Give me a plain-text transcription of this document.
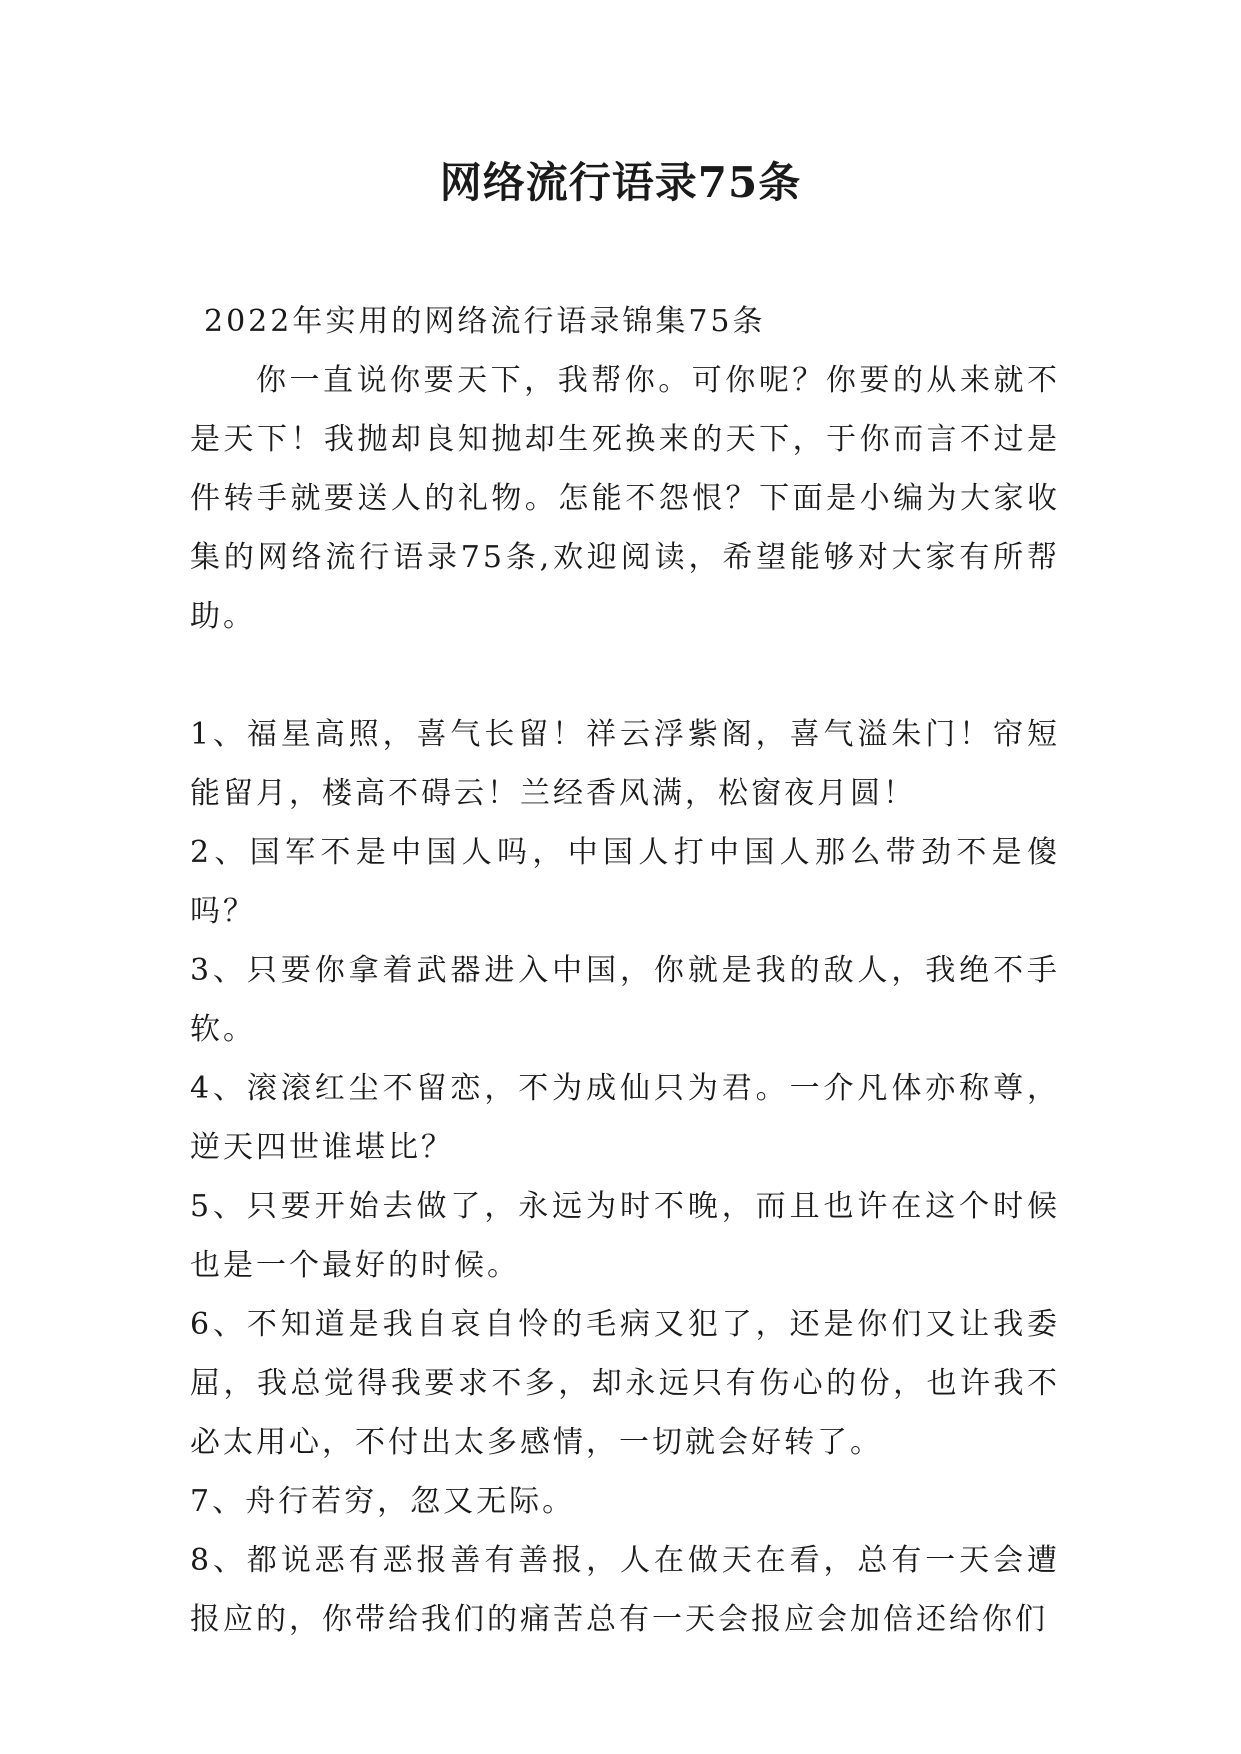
网络流行语录75条

2022年实用的网络流行语录锦集75条

你一直说你要天下，我帮你。可你呢？你要的从来就不是天下！我抛却良知抛却生死换来的天下，于你而言不过是件转手就要送人的礼物。怎能不怨恨？下面是小编为大家收集的网络流行语录75条,欢迎阅读，希望能够对大家有所帮助。

1、福星高照，喜气长留！祥云浮紫阁，喜气溢朱门！帘短能留月，楼高不碍云！兰经香风满，松窗夜月圆！
2、国军不是中国人吗，中国人打中国人那么带劲不是傻吗？
3、只要你拿着武器进入中国，你就是我的敌人，我绝不手软。
4、滚滚红尘不留恋，不为成仙只为君。一介凡体亦称尊，逆天四世谁堪比？
5、只要开始去做了，永远为时不晚，而且也许在这个时候也是一个最好的时候。
6、不知道是我自哀自怜的毛病又犯了，还是你们又让我委屈，我总觉得我要求不多，却永远只有伤心的份，也许我不必太用心，不付出太多感情，一切就会好转了。
7、舟行若穷，忽又无际。
8、都说恶有恶报善有善报，人在做天在看，总有一天会遭报应的，你带给我们的痛苦总有一天会报应会加倍还给你们
